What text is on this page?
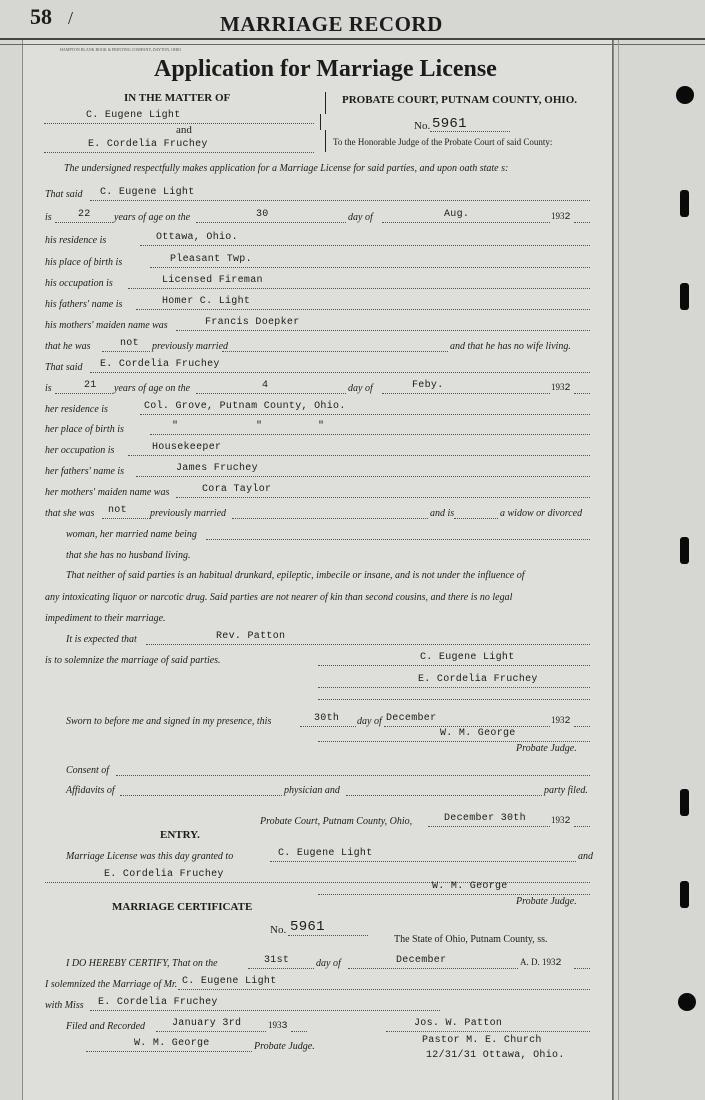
58 /	MARRIAGE RECORD
HAMPTON BLANK BOOK & PRINTING COMPANY, DAYTON, OHIO
Application for Marriage License
IN THE MATTER OF
C. Eugene Light
and
E. Cordelia Fruchey
PROBATE COURT, PUTNAM COUNTY, OHIO.
No. 5961
To the Honorable Judge of the Probate Court of said County:
The undersigned respectfully makes application for a Marriage License for said parties, and upon oath state s:
That said C. Eugene Light
is	22 years of age on the	30	day of	Aug.	1932
his residence is	Ottawa, Ohio.
his place of birth is	Pleasant Twp.
his occupation is	Licensed Fireman
his fathers' name is	Homer C. Light
his mothers' maiden name was	Francis Doepker
that he was	not previously married	and that he has no wife living.
That said E. Cordelia Fruchey
is	21 years of age on the	4	day of	Feby.	1932
her residence is	Col. Grove, Putnam County, Ohio.
her place of birth is	"	"	"
her occupation is	Housekeeper
her fathers' name is	James Fruchey
her mothers' maiden name was	Cora Taylor
that she was not previously married	and is	a widow or divorced
woman, her married name being
that she has no husband living.
That neither of said parties is an habitual drunkard, epileptic, imbecile or insane, and is not under the influence of
any intoxicating liquor or narcotic drug. Said parties are not nearer of kin than second cousins, and there is no legal
impediment to their marriage.
It is expected that	Rev. Patton
is to solemnize the marriage of said parties.	C. Eugene Light
E. Cordelia Fruchey
Sworn to before me and signed in my presence, this	30th day of December	1932
W. M. George
Probate Judge.
Consent of
Affidavits of	physician and	party filed.
Probate Court, Putnam County, Ohio,	December 30th	1932
ENTRY.
Marriage License was this day granted to	C. Eugene Light	and
E. Cordelia Fruchey
W. M. George
Probate Judge.
MARRIAGE CERTIFICATE
No. 5961
The State of Ohio, Putnam County, ss.
I DO HEREBY CERTIFY, That on the	31st	day of	December	A. D. 1932
I solemnized the Marriage of Mr. C. Eugene Light
with Miss E. Cordelia Fruchey
Filed and Recorded	January 3rd	1933	Jos. W. Patton
Pastor M. E. Church
W. M. George	Probate Judge.
12/31/31 Ottawa, Ohio.
